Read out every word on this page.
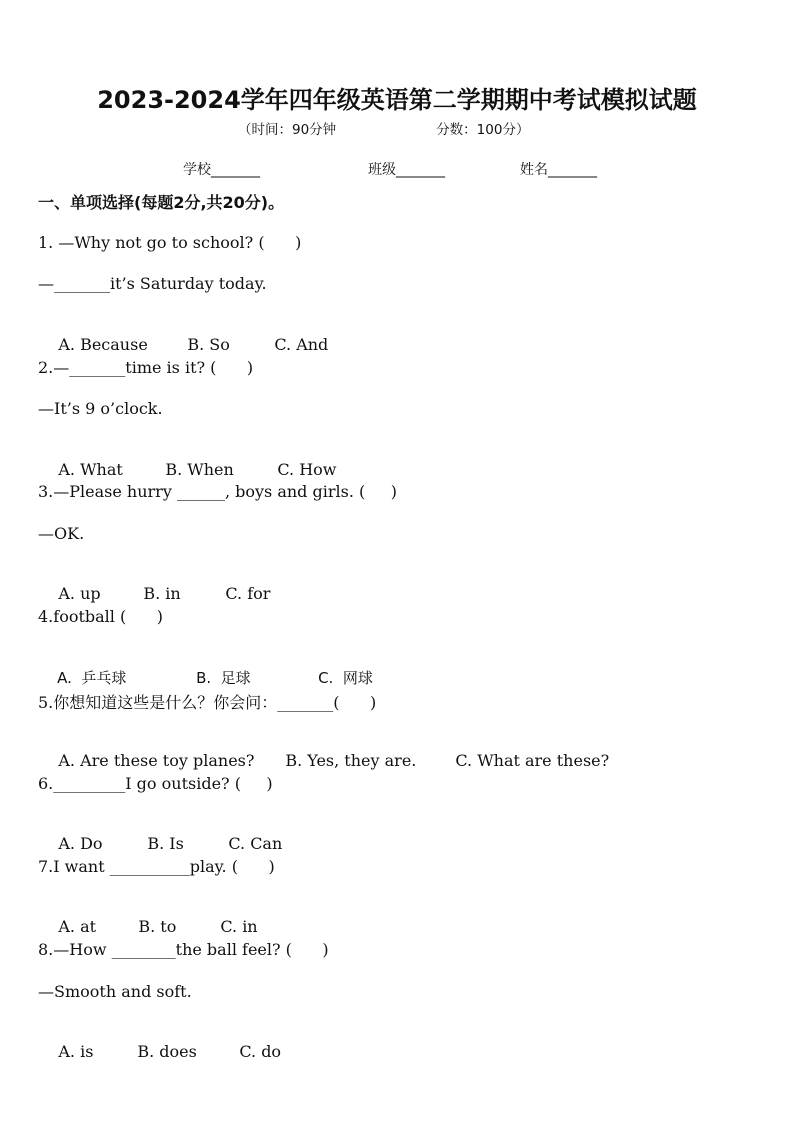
2023-2024学年四年级英语第二学期期中考试模拟试题
（时间：90分钟	分数：100分）
学校_______	班级_______	姓名_______
一、单项选择(每题2分,共20分)。
1. —Why not go to school? (      )
—_______it’s Saturday today.

A. Because B. So	C. And

2.—_______time is it? (      )
—It’s 9 o’clock.

A. What	B. When	C. How

3.—Please hurry ______, boys and girls. (     )
—OK.

A. up	B. in	C. for

4.football (      )

A.  乒乓球	B.  足球	C.  网球

5.你想知道这些是什么？你会问：_______(      )

A. Are these toy planes? B. Yes, they are. C. What are these?

6._________I go outside? (     )

A. Do	B. Is	C. Can

7.I want __________play. (      )

A. at	B. to	C. in

8.—How ________the ball feel? (      )
—Smooth and soft.

A. is	B. does	C. do
